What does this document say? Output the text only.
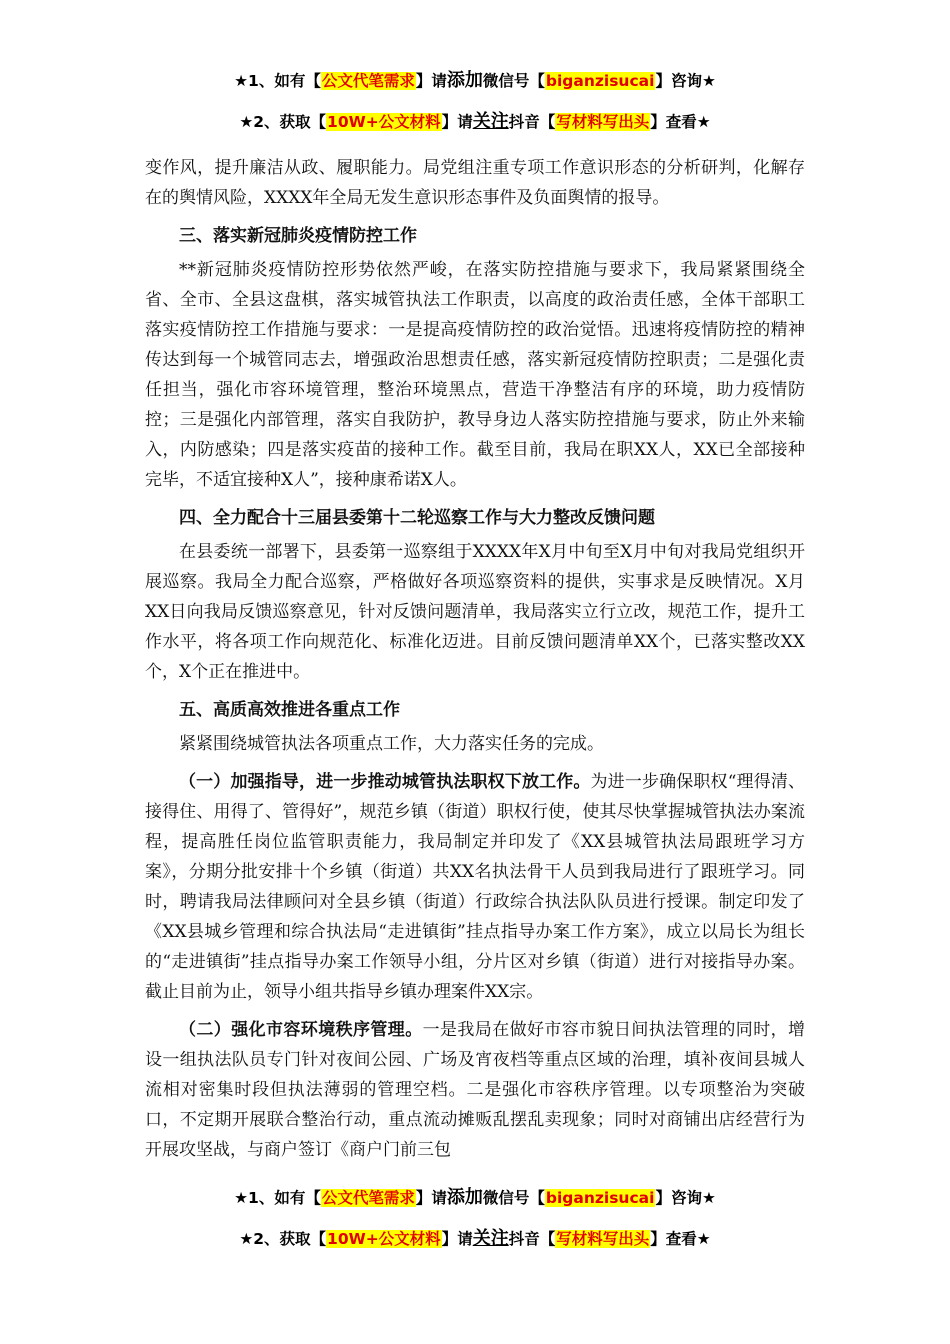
★1、如有【公文代笔需求】请添加微信号【biganzisucai】咨询★
★2、获取【10W+公文材料】请关注抖音【写材料写出头】查看★

变作风，提升廉洁从政、履职能力。局党组注重专项工作意识形态的分析研判，化解存在的舆情风险，XXXX年全局无发生意识形态事件及负面舆情的报导。

三、落实新冠肺炎疫情防控工作

**新冠肺炎疫情防控形势依然严峻，在落实防控措施与要求下，我局紧紧围绕全省、全市、全县这盘棋，落实城管执法工作职责，以高度的政治责任感，全体干部职工落实疫情防控工作措施与要求：一是提高疫情防控的政治觉悟。迅速将疫情防控的精神传达到每一个城管同志去，增强政治思想责任感，落实新冠疫情防控职责；二是强化责任担当，强化市容环境管理，整治环境黑点，营造干净整洁有序的环境，助力疫情防控；三是强化内部管理，落实自我防护，教导身边人落实防控措施与要求，防止外来输入，内防感染；四是落实疫苗的接种工作。截至目前，我局在职XX人，XX已全部接种完毕，不适宜接种X人”，接种康希诺X人。

四、全力配合十三届县委第十二轮巡察工作与大力整改反馈问题

在县委统一部署下，县委第一巡察组于XXXX年X月中旬至X月中旬对我局党组织开展巡察。我局全力配合巡察，严格做好各项巡察资料的提供，实事求是反映情况。X月XX日向我局反馈巡察意见，针对反馈问题清单，我局落实立行立改，规范工作，提升工作水平，将各项工作向规范化、标准化迈进。目前反馈问题清单XX个，已落实整改XX个，X个正在推进中。

五、高质高效推进各重点工作

紧紧围绕城管执法各项重点工作，大力落实任务的完成。

（一）加强指导，进一步推动城管执法职权下放工作。为进一步确保职权“理得清、接得住、用得了、管得好”，规范乡镇（街道）职权行使，使其尽快掌握城管执法办案流程，提高胜任岗位监管职责能力，我局制定并印发了《XX县城管执法局跟班学习方案》，分期分批安排十个乡镇（街道）共XX名执法骨干人员到我局进行了跟班学习。同时，聘请我局法律顾问对全县乡镇（街道）行政综合执法队队员进行授课。制定印发了《XX县城乡管理和综合执法局“走进镇街”挂点指导办案工作方案》，成立以局长为组长的“走进镇街”挂点指导办案工作领导小组，分片区对乡镇（街道）进行对接指导办案。截止目前为止，领导小组共指导乡镇办理案件XX宗。

（二）强化市容环境秩序管理。一是我局在做好市容市貌日间执法管理的同时，增设一组执法队员专门针对夜间公园、广场及宵夜档等重点区域的治理，填补夜间县城人流相对密集时段但执法薄弱的管理空档。二是强化市容秩序管理。以专项整治为突破口，不定期开展联合整治行动，重点流动摊贩乱摆乱卖现象；同时对商铺出店经营行为开展攻坚战，与商户签订《商户门前三包

★1、如有【公文代笔需求】请添加微信号【biganzisucai】咨询★
★2、获取【10W+公文材料】请关注抖音【写材料写出头】查看★
